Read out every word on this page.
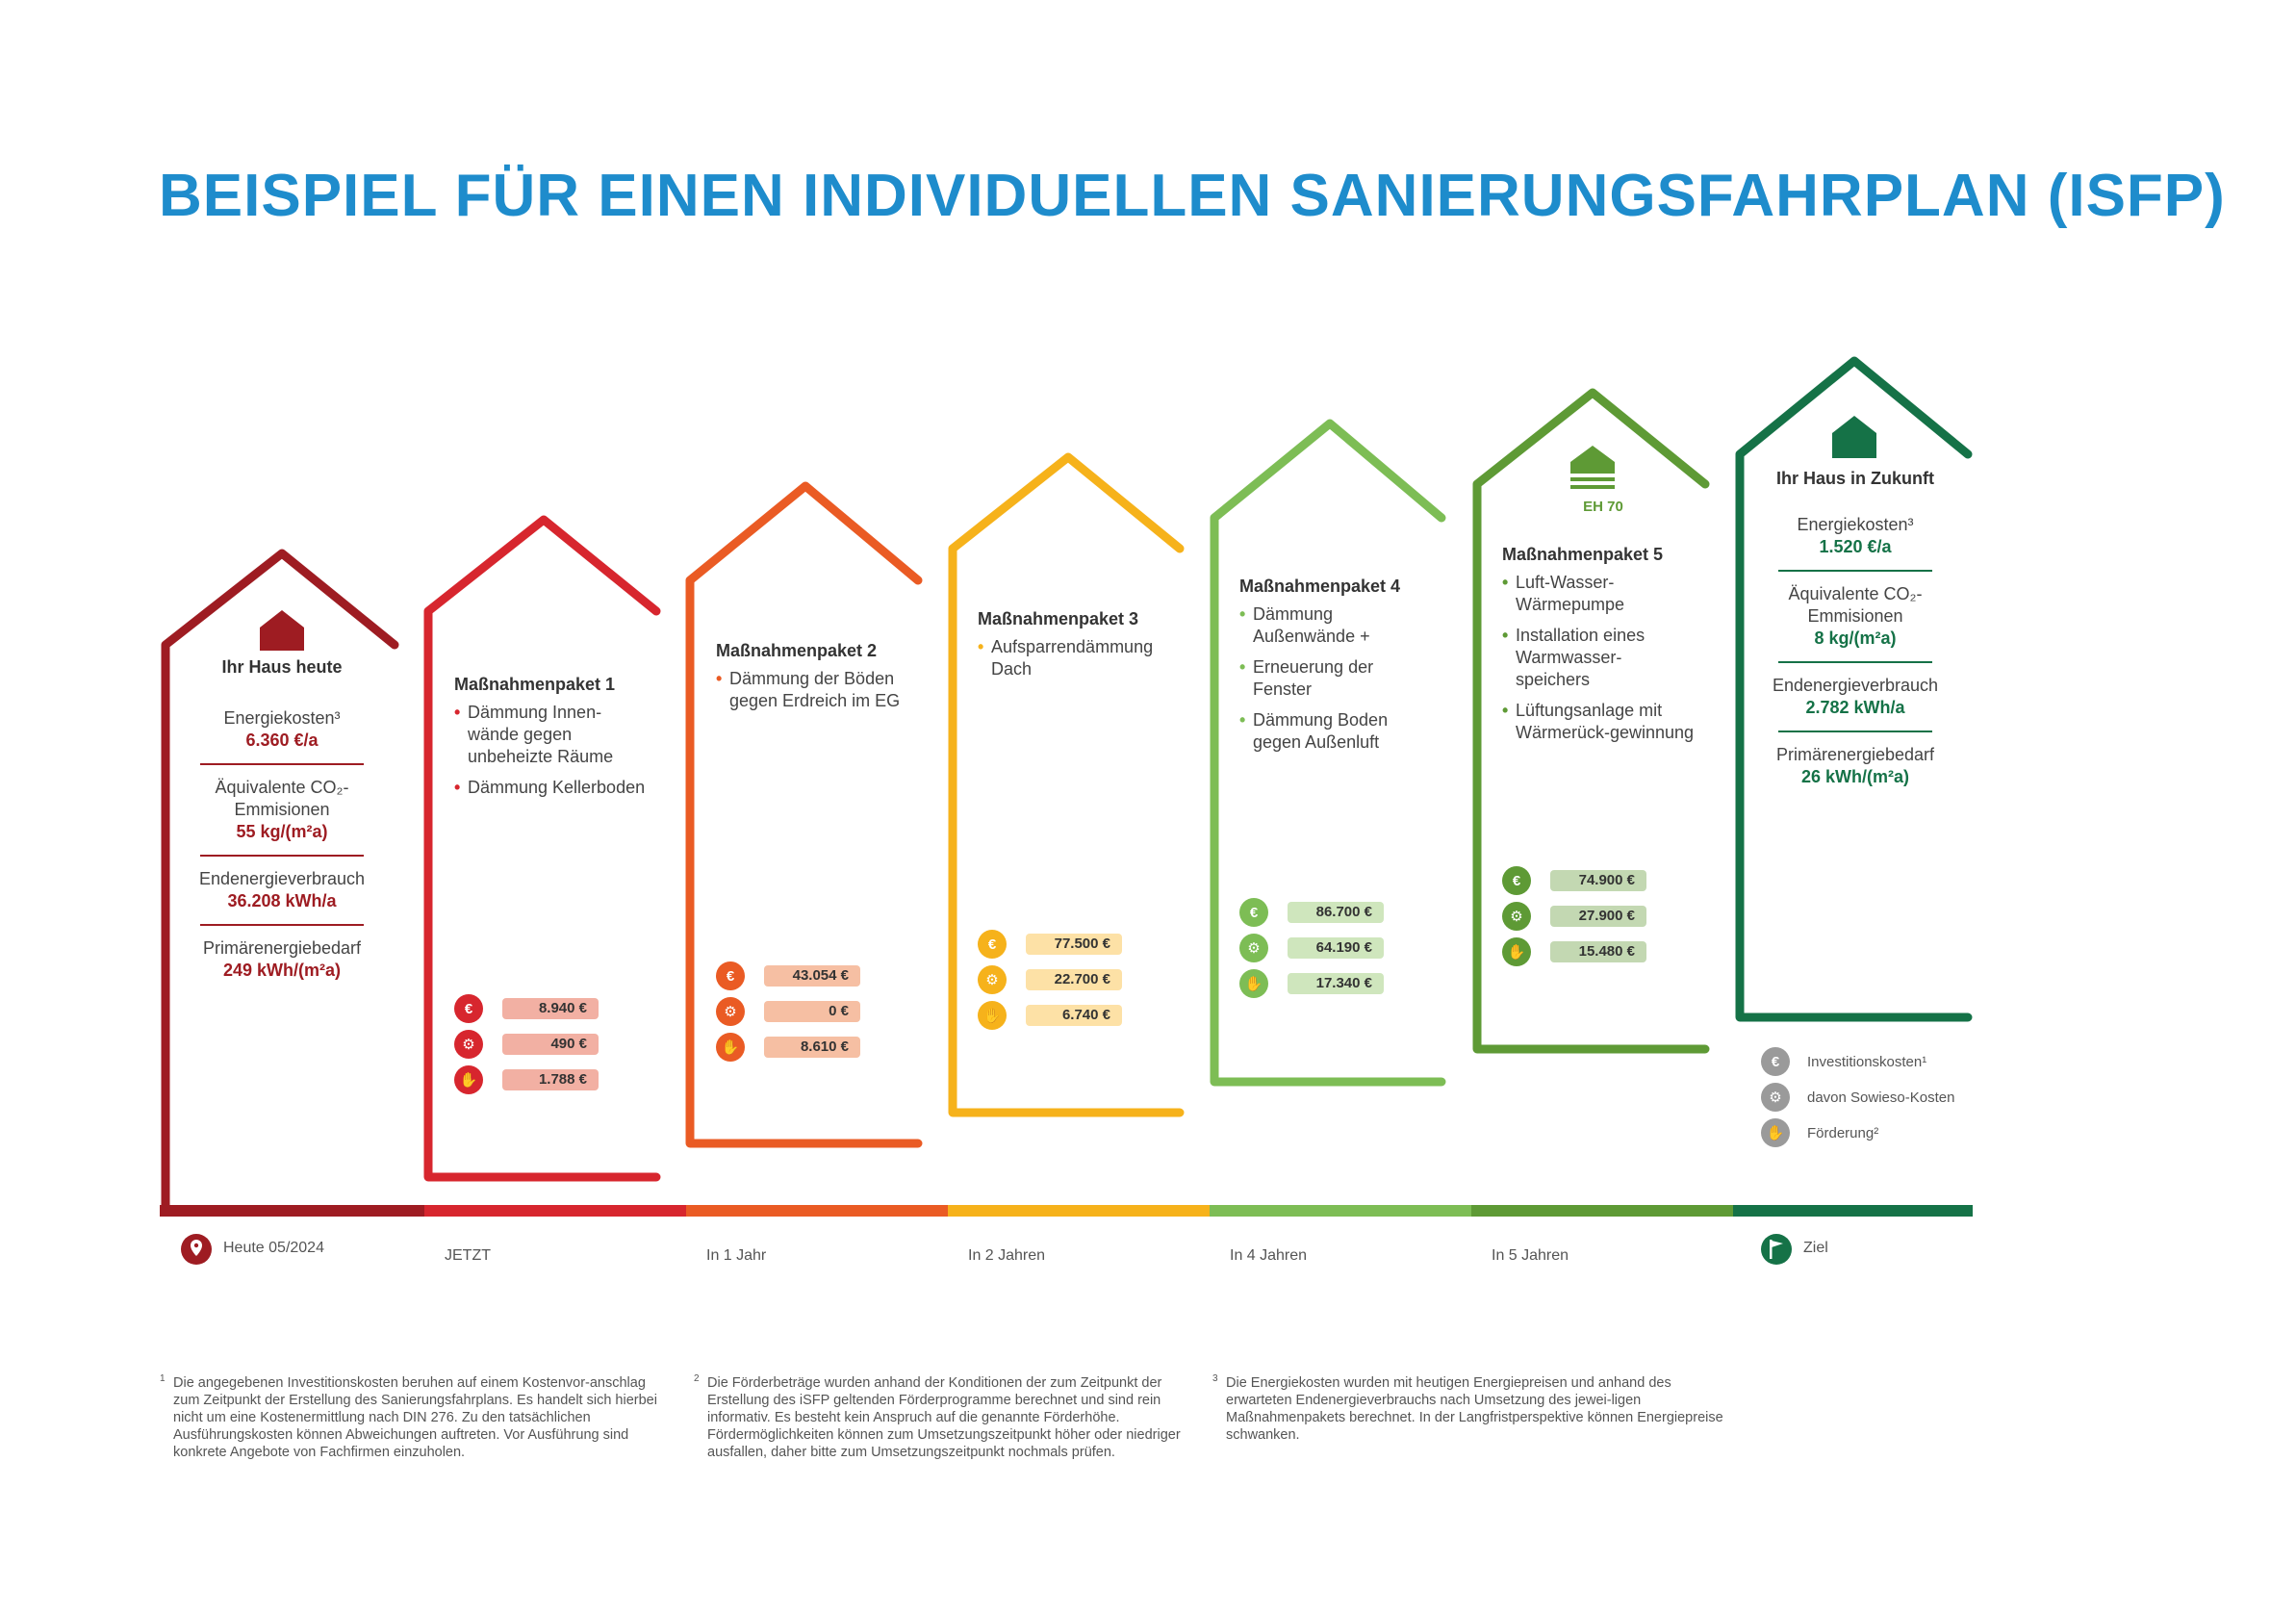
BEISPIEL FÜR EINEN INDIVIDUELLEN SANIERUNGSFAHRPLAN (ISFP)
Ihr Haus heute
Energiekosten³
6.360 €/a
Äquivalente CO₂-Emmisionen
55 kg/(m²a)
Endenergieverbrauch
36.208 kWh/a
Primärenergiebedarf
249 kWh/(m²a)
Maßnahmenpaket 1
• Dämmung Innen-wände gegen unbeheizte Räume
• Dämmung Kellerboden
€	8.940 €
⚙	490 €
✋	1.788 €
Maßnahmenpaket 2
• Dämmung der Böden gegen Erdreich im EG
€	43.054 €
⚙	0 €
✋	8.610 €
Maßnahmenpaket 3
• Aufsparrendämmung Dach
€	77.500 €
⚙	22.700 €
✋	6.740 €
Maßnahmenpaket 4
• Dämmung Außenwände +
• Erneuerung der Fenster
• Dämmung Boden gegen Außenluft
€	86.700 €
⚙	64.190 €
✋	17.340 €
EH 70
Maßnahmenpaket 5
• Luft-Wasser-Wärmepumpe
• Installation eines Warmwasser-speichers
• Lüftungsanlage mit Wärmerück-gewinnung
€	74.900 €
⚙	27.900 €
✋	15.480 €
Ihr Haus in Zukunft
Energiekosten³
1.520 €/a
Äquivalente CO₂-Emmisionen
8 kg/(m²a)
Endenergieverbrauch
2.782 kWh/a
Primärenergiebedarf
26 kWh/(m²a)
€	Investitionskosten¹
⚙	davon Sowieso-Kosten
✋	Förderung²
Heute 05/2024	JETZT	In 1 Jahr	In 2 Jahren	In 4 Jahren	In 5 Jahren	Ziel
1 Die angegebenen Investitionskosten beruhen auf einem Kostenvor-anschlag zum Zeitpunkt der Erstellung des Sanierungsfahrplans. Es handelt sich hierbei nicht um eine Kostenermittlung nach DIN 276. Zu den tatsächlichen Ausführungskosten können Abweichungen auftreten. Vor Ausführung sind konkrete Angebote von Fachfirmen einzuholen.
2 Die Förderbeträge wurden anhand der Konditionen der zum Zeitpunkt der Erstellung des iSFP geltenden Förderprogramme berechnet und sind rein informativ. Es besteht kein Anspruch auf die genannte Förderhöhe. Fördermöglichkeiten können zum Umsetzungszeitpunkt höher oder niedriger ausfallen, daher bitte zum Umsetzungszeitpunkt nochmals prüfen.
3 Die Energiekosten wurden mit heutigen Energiepreisen und anhand des erwarteten Endenergieverbrauchs nach Umsetzung des jewei-ligen Maßnahmenpakets berechnet. In der Langfristperspektive können Energiepreise schwanken.
